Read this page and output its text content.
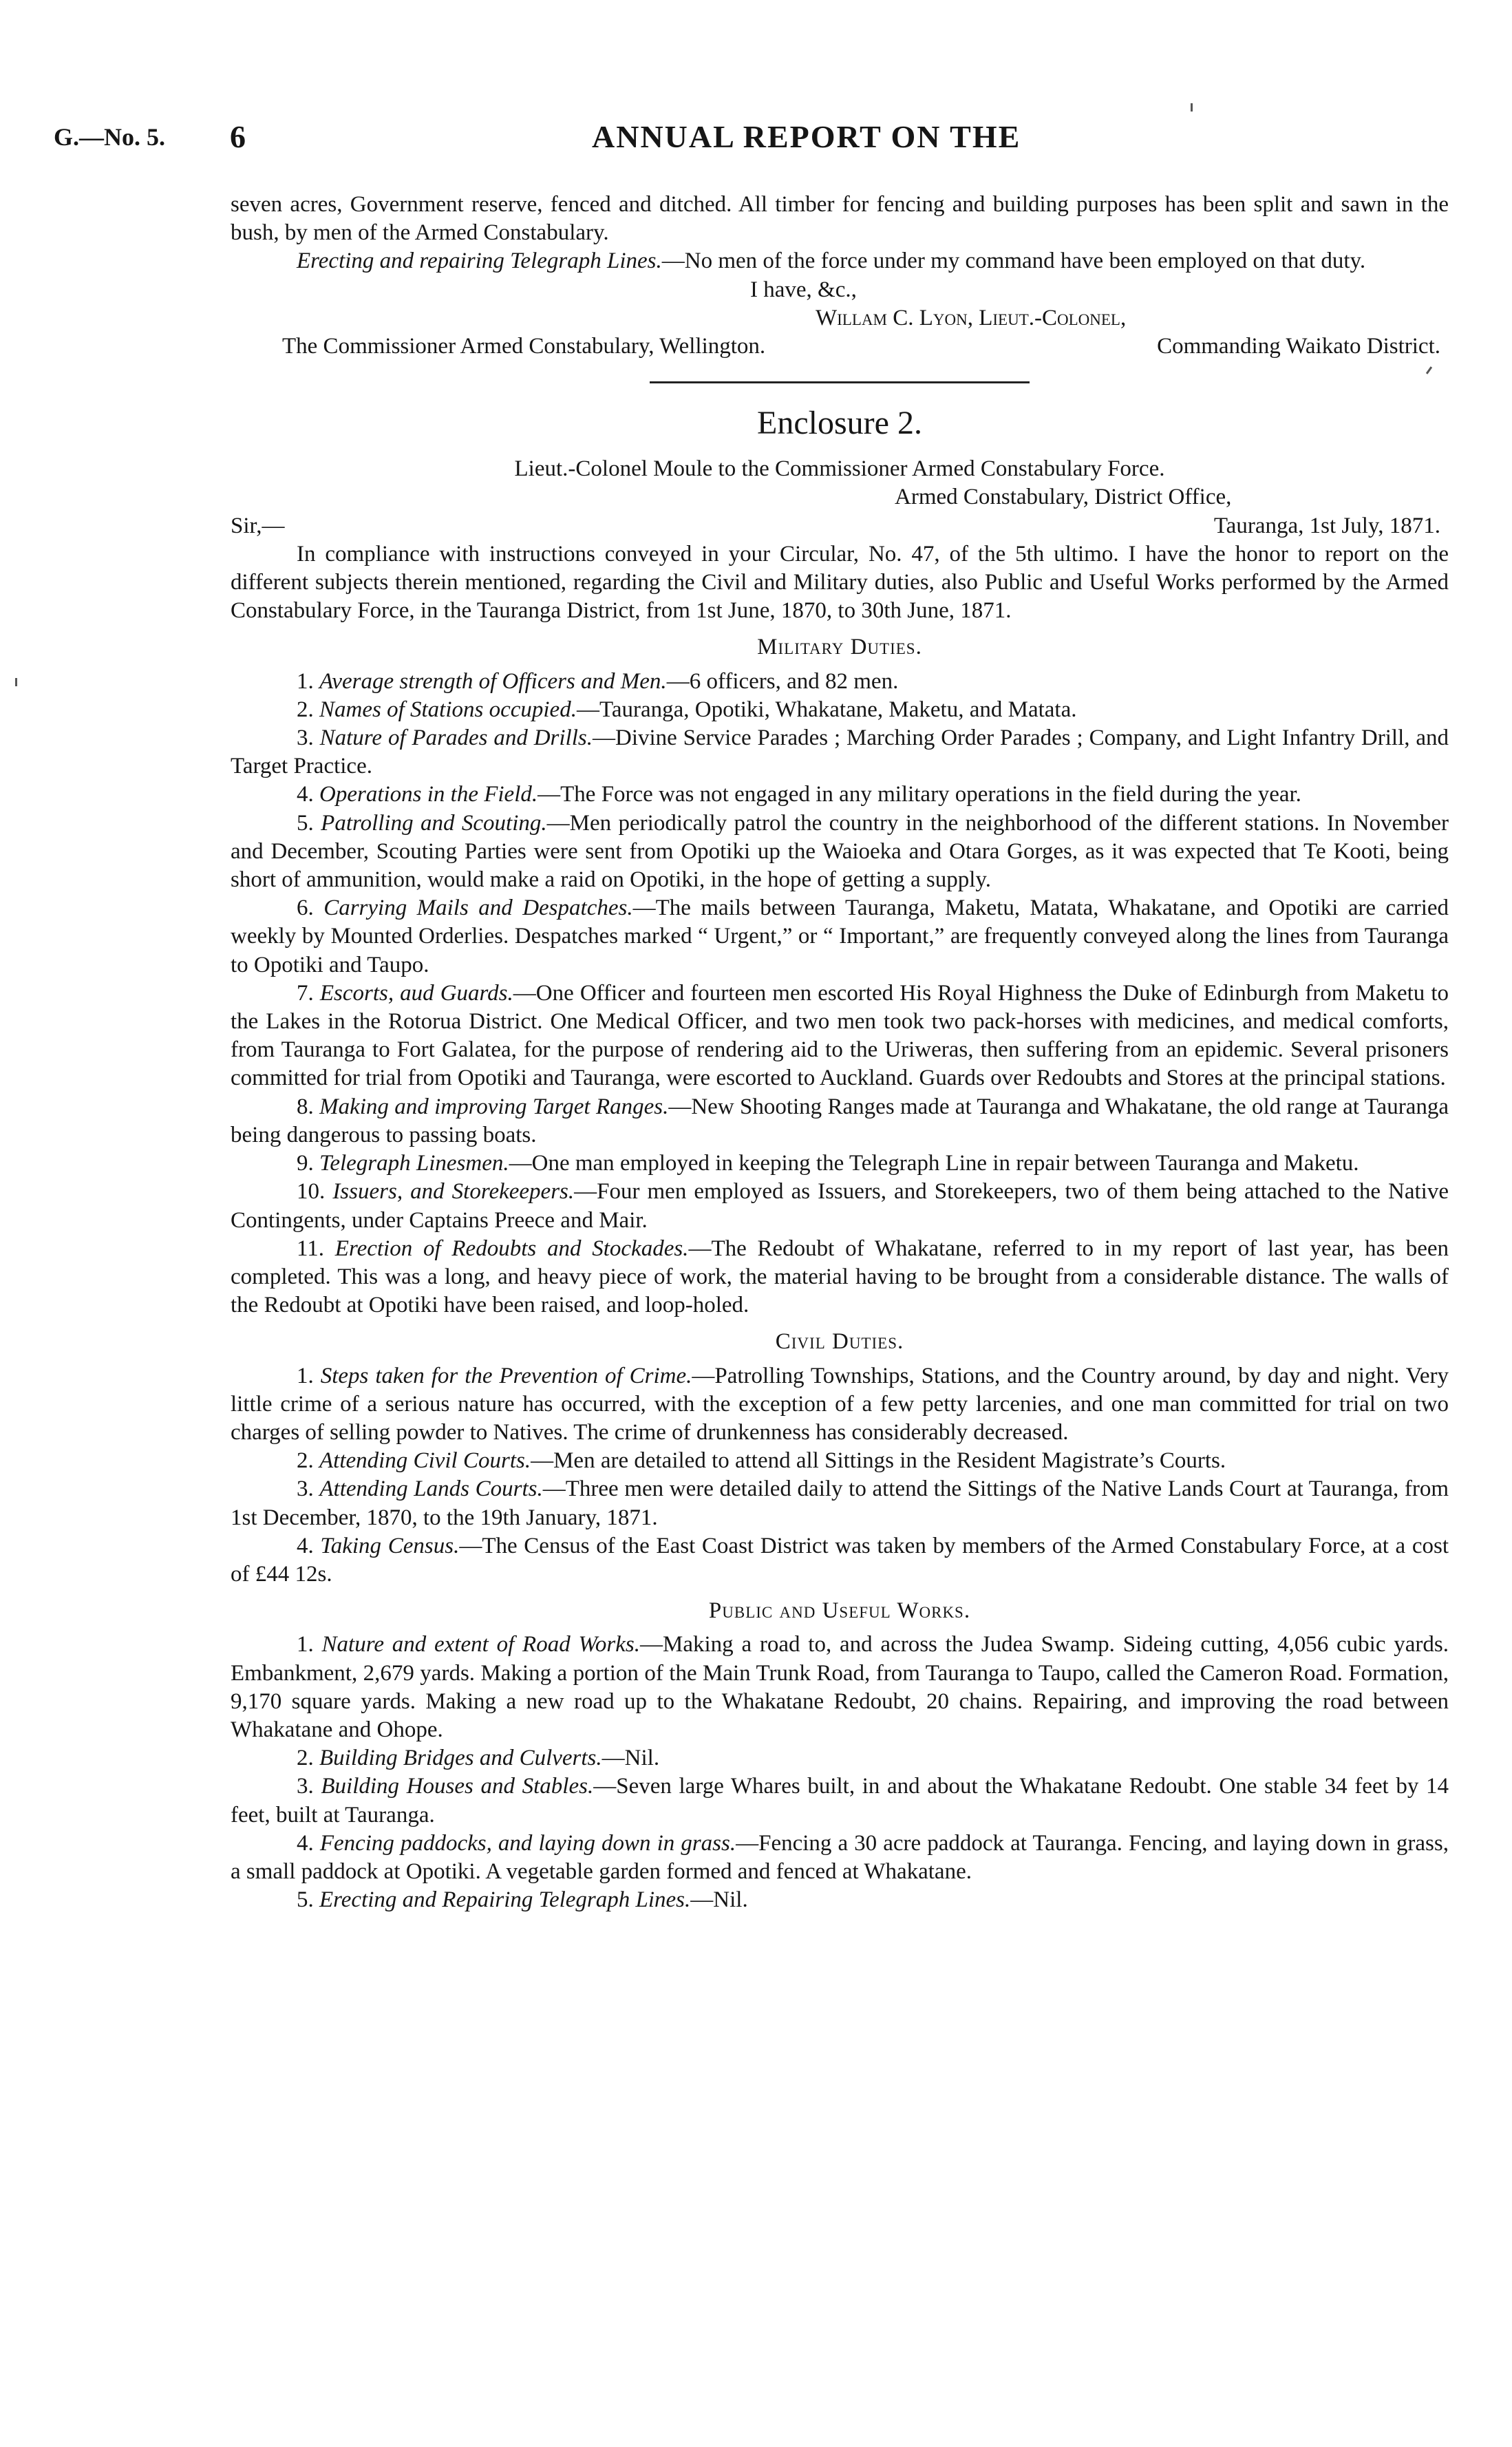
G.—No. 5. 6	ANNUAL REPORT ON THE

seven acres, Government reserve, fenced and ditched. All timber for fencing and building purposes has been split and sawn in the bush, by men of the Armed Constabulary.

Erecting and repairing Telegraph Lines.—No men of the force under my command have been employed on that duty.

I have, &c.,

Willam C. Lyon, Lieut.-Colonel,

The Commissioner Armed Constabulary, Wellington.	Commanding Waikato District.

Enclosure 2.

Lieut.-Colonel Moule to the Commissioner Armed Constabulary Force.

Armed Constabulary, District Office,

Sir,—	Tauranga, 1st July, 1871.

In compliance with instructions conveyed in your Circular, No. 47, of the 5th ultimo. I have the honor to report on the different subjects therein mentioned, regarding the Civil and Military duties, also Public and Useful Works performed by the Armed Constabulary Force, in the Tauranga District, from 1st June, 1870, to 30th June, 1871.

Military Duties.

1. Average strength of Officers and Men.—6 officers, and 82 men.

2. Names of Stations occupied.—Tauranga, Opotiki, Whakatane, Maketu, and Matata.

3. Nature of Parades and Drills.—Divine Service Parades ; Marching Order Parades ; Company, and Light Infantry Drill, and Target Practice.

4. Operations in the Field.—The Force was not engaged in any military operations in the field during the year.

5. Patrolling and Scouting.—Men periodically patrol the country in the neighborhood of the different stations. In November and December, Scouting Parties were sent from Opotiki up the Waioeka and Otara Gorges, as it was expected that Te Kooti, being short of ammunition, would make a raid on Opotiki, in the hope of getting a supply.

6. Carrying Mails and Despatches.—The mails between Tauranga, Maketu, Matata, Whakatane, and Opotiki are carried weekly by Mounted Orderlies. Despatches marked “ Urgent,” or “ Important,” are frequently conveyed along the lines from Tauranga to Opotiki and Taupo.

7. Escorts, aud Guards.—One Officer and fourteen men escorted His Royal Highness the Duke of Edinburgh from Maketu to the Lakes in the Rotorua District. One Medical Officer, and two men took two pack-horses with medicines, and medical comforts, from Tauranga to Fort Galatea, for the purpose of rendering aid to the Uriweras, then suffering from an epidemic. Several prisoners committed for trial from Opotiki and Tauranga, were escorted to Auckland. Guards over Redoubts and Stores at the principal stations.

8. Making and improving Target Ranges.—New Shooting Ranges made at Tauranga and Whakatane, the old range at Tauranga being dangerous to passing boats.

9. Telegraph Linesmen.—One man employed in keeping the Telegraph Line in repair between Tauranga and Maketu.

10. Issuers, and Storekeepers.—Four men employed as Issuers, and Storekeepers, two of them being attached to the Native Contingents, under Captains Preece and Mair.

11. Erection of Redoubts and Stockades.—The Redoubt of Whakatane, referred to in my report of last year, has been completed. This was a long, and heavy piece of work, the material having to be brought from a considerable distance. The walls of the Redoubt at Opotiki have been raised, and loop-holed.

Civil Duties.

1. Steps taken for the Prevention of Crime.—Patrolling Townships, Stations, and the Country around, by day and night. Very little crime of a serious nature has occurred, with the exception of a few petty larcenies, and one man committed for trial on two charges of selling powder to Natives. The crime of drunkenness has considerably decreased.

2. Attending Civil Courts.—Men are detailed to attend all Sittings in the Resident Magistrate’s Courts.

3. Attending Lands Courts.—Three men were detailed daily to attend the Sittings of the Native Lands Court at Tauranga, from 1st December, 1870, to the 19th January, 1871.

4. Taking Census.—The Census of the East Coast District was taken by members of the Armed Constabulary Force, at a cost of £44 12s.

Public and Useful Works.

1. Nature and extent of Road Works.—Making a road to, and across the Judea Swamp. Sideing cutting, 4,056 cubic yards. Embankment, 2,679 yards. Making a portion of the Main Trunk Road, from Tauranga to Taupo, called the Cameron Road. Formation, 9,170 square yards. Making a new road up to the Whakatane Redoubt, 20 chains. Repairing, and improving the road between Whakatane and Ohope.

2. Building Bridges and Culverts.—Nil.

3. Building Houses and Stables.—Seven large Whares built, in and about the Whakatane Redoubt. One stable 34 feet by 14 feet, built at Tauranga.

4. Fencing paddocks, and laying down in grass.—Fencing a 30 acre paddock at Tauranga. Fencing, and laying down in grass, a small paddock at Opotiki. A vegetable garden formed and fenced at Whakatane.

5. Erecting and Repairing Telegraph Lines.—Nil.
